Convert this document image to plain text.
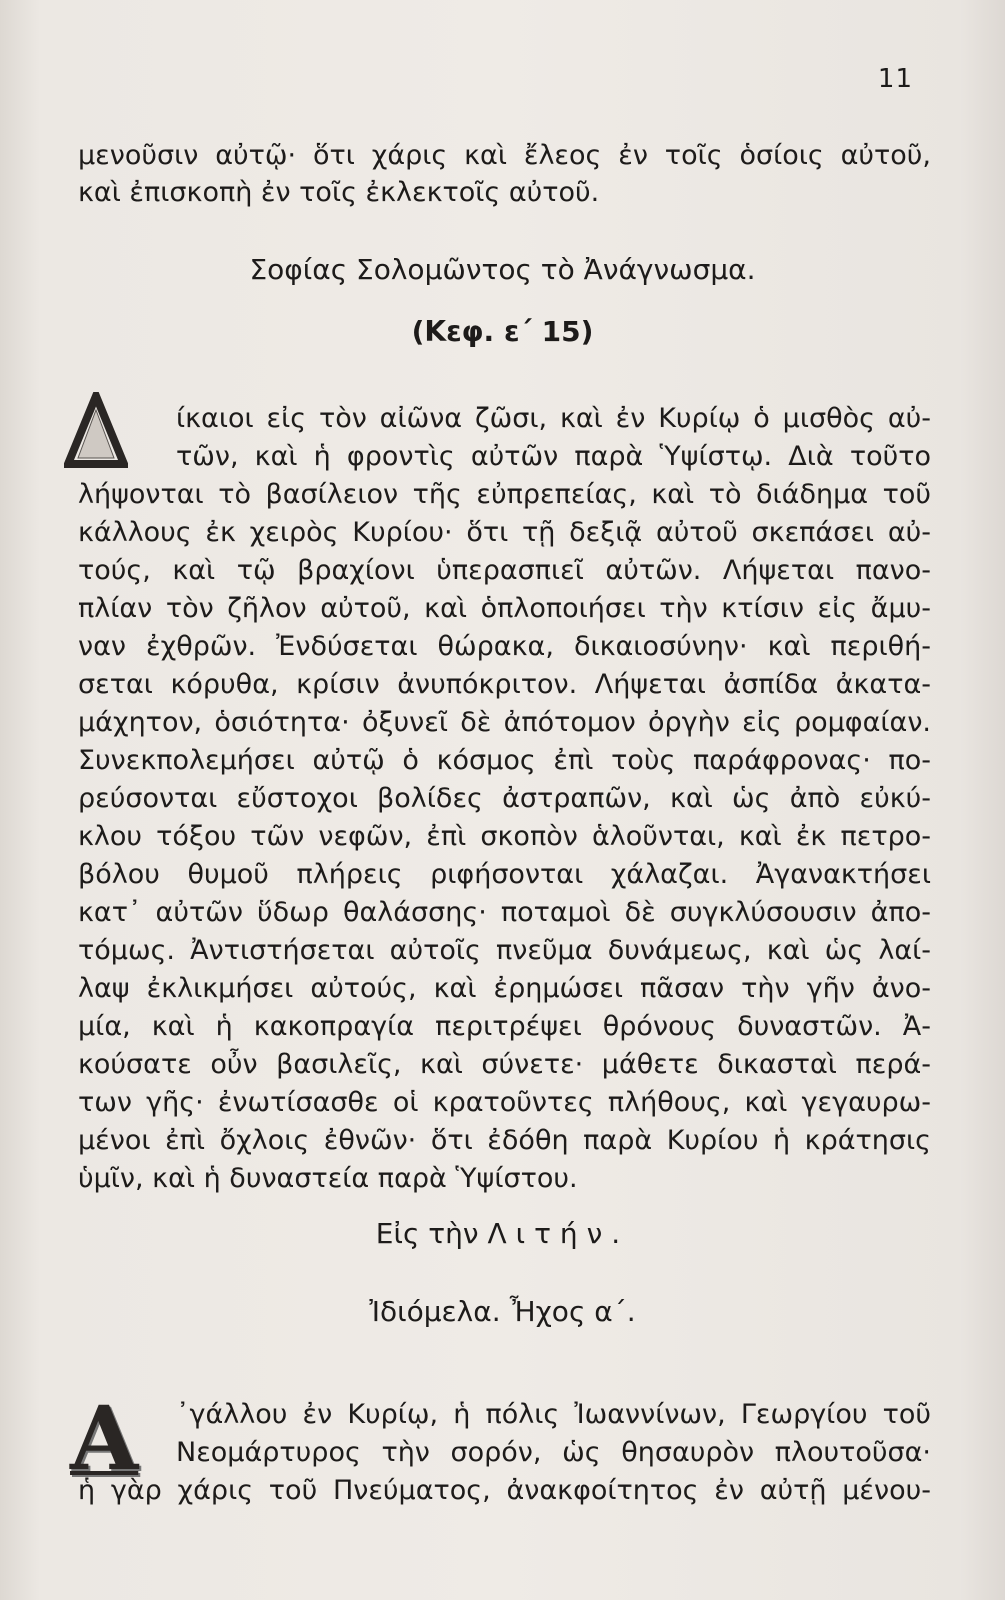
11
μενοῦσιν αὐτῷ· ὅτι χάρις καὶ ἔλεος ἐν τοῖς ὁσίοις αὐτοῦ,
καὶ ἐπισκοπὴ ἐν τοῖς ἐκλεκτοῖς αὐτοῦ.
Σοφίας Σολομῶντος τὸ Ἀνάγνωσμα.
(Κεφ. ε΄ 15)
ίκαιοι εἰς τὸν αἰῶνα ζῶσι, καὶ ἐν Κυρίῳ ὁ μισθὸς αὐ-
τῶν, καὶ ἡ φροντὶς αὐτῶν παρὰ Ὑψίστῳ. Διὰ τοῦτο
λήψονται τὸ βασίλειον τῆς εὐπρεπείας, καὶ τὸ διάδημα τοῦ
κάλλους ἐκ χειρὸς Κυρίου· ὅτι τῇ δεξιᾷ αὐτοῦ σκεπάσει αὐ-
τούς, καὶ τῷ βραχίονι ὑπερασπιεῖ αὐτῶν. Λήψεται πανο-
πλίαν τὸν ζῆλον αὐτοῦ, καὶ ὁπλοποιήσει τὴν κτίσιν εἰς ἄμυ-
ναν ἐχθρῶν. Ἐνδύσεται θώρακα, δικαιοσύνην· καὶ περιθή-
σεται κόρυθα, κρίσιν ἀνυπόκριτον. Λήψεται ἀσπίδα ἀκατα-
μάχητον, ὁσιότητα· ὀξυνεῖ δὲ ἀπότομον ὀργὴν εἰς ρομφαίαν.
Συνεκπολεμήσει αὐτῷ ὁ κόσμος ἐπὶ τοὺς παράφρονας· πο-
ρεύσονται εὔστοχοι βολίδες ἀστραπῶν, καὶ ὡς ἀπὸ εὐκύ-
κλου τόξου τῶν νεφῶν, ἐπὶ σκοπὸν ἁλοῦνται, καὶ ἐκ πετρο-
βόλου θυμοῦ πλήρεις ριφήσονται χάλαζαι. Ἀγανακτήσει
κατ᾽ αὐτῶν ὕδωρ θαλάσσης· ποταμοὶ δὲ συγκλύσουσιν ἀπο-
τόμως. Ἀντιστήσεται αὐτοῖς πνεῦμα δυνάμεως, καὶ ὡς λαί-
λαψ ἐκλικμήσει αὐτούς, καὶ ἐρημώσει πᾶσαν τὴν γῆν ἀνο-
μία, καὶ ἡ κακοπραγία περιτρέψει θρόνους δυναστῶν. Ἀ-
κούσατε οὖν βασιλεῖς, καὶ σύνετε· μάθετε δικασταὶ περά-
των γῆς· ἐνωτίσασθε οἱ κρατοῦντες πλήθους, καὶ γεγαυρω-
μένοι ἐπὶ ὄχλοις ἐθνῶν· ὅτι ἐδόθη παρὰ Κυρίου ἡ κράτησις
ὑμῖν, καὶ ἡ δυναστεία παρὰ Ὑψίστου.
Εἰς τὴν Λιτήν.
Ἰδιόμελα. Ἦχος α΄.
Α ᾽γάλλου ἐν Κυρίῳ, ἡ πόλις Ἰωαννίνων, Γεωργίου τοῦ
Νεομάρτυρος τὴν σορόν, ὡς θησαυρὸν πλουτοῦσα·
ἡ γὰρ χάρις τοῦ Πνεύματος, ἀνακφοίτητος ἐν αὐτῇ μένου-
